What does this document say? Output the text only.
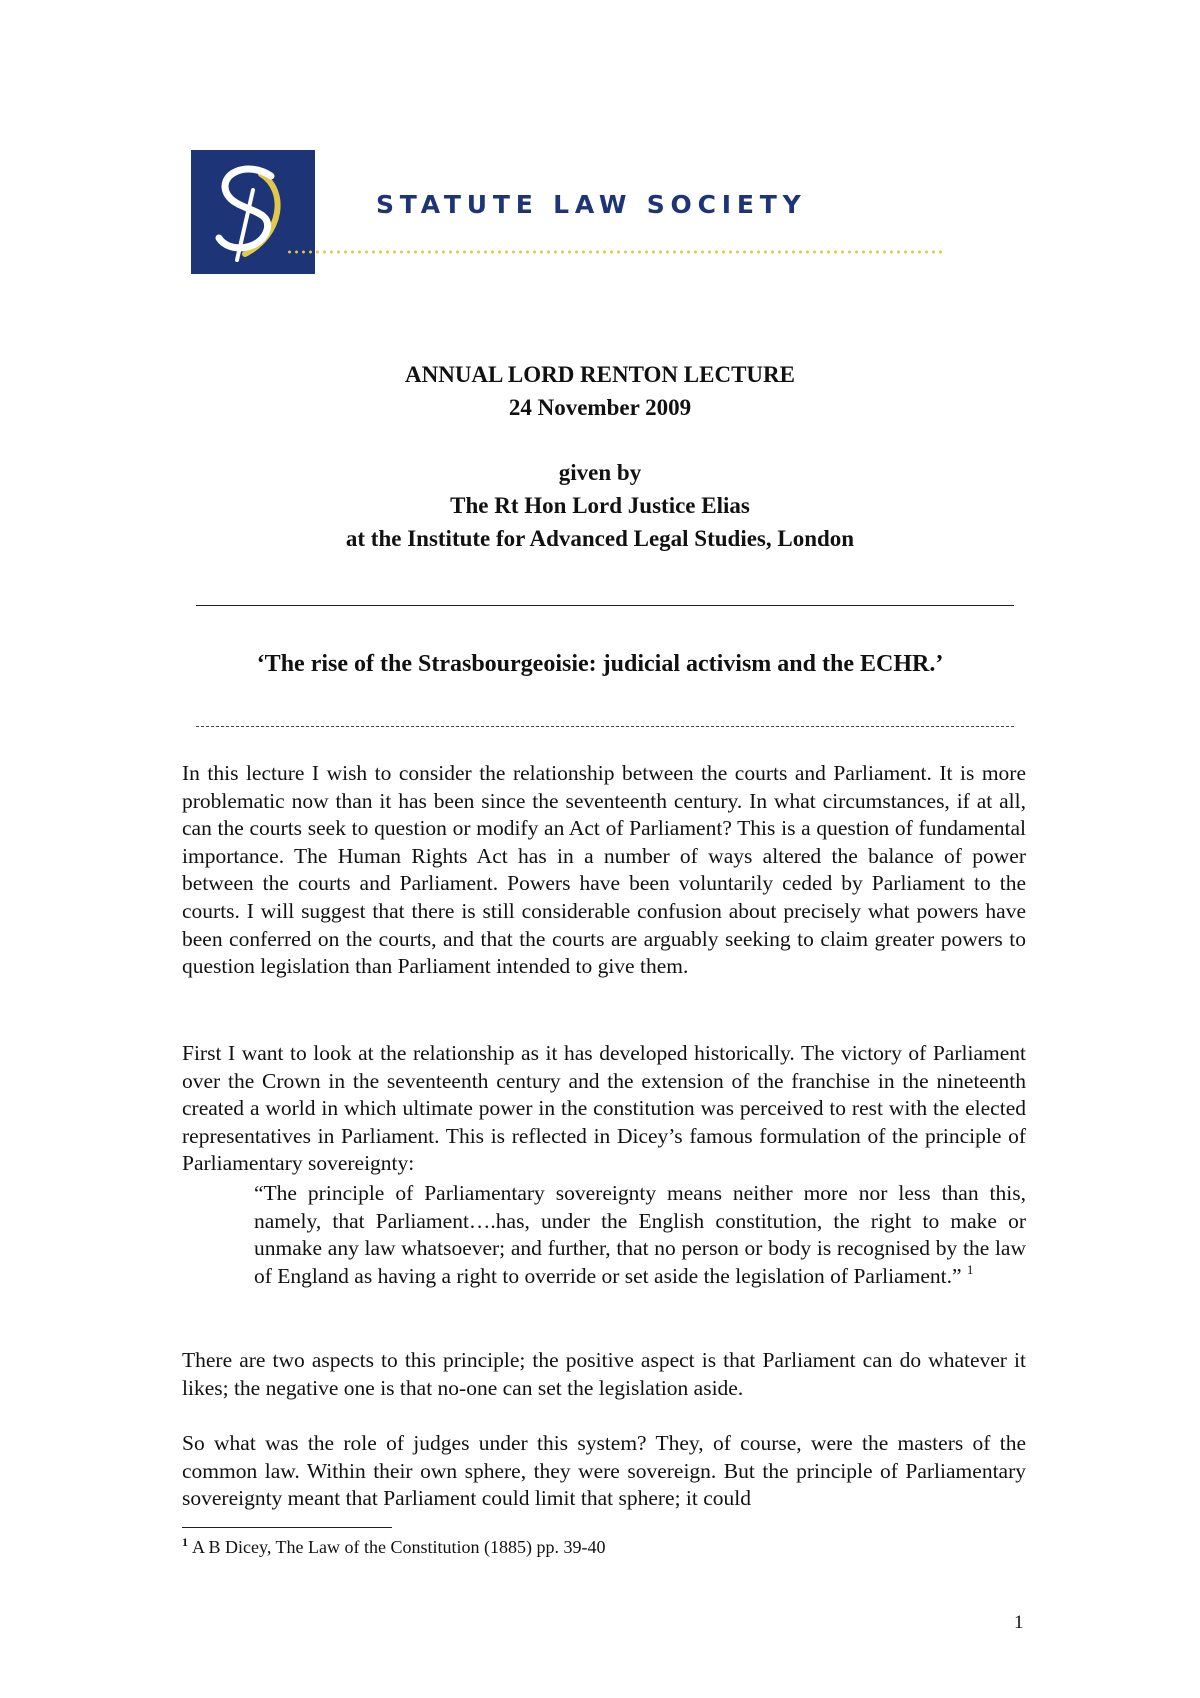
STATUTE LAW SOCIETY
ANNUAL LORD RENTON LECTURE
24 November 2009
given by
The Rt Hon Lord Justice Elias
at the Institute for Advanced Legal Studies, London
‘The rise of the Strasbourgeoisie: judicial activism and the ECHR.’

In this lecture I wish to consider the relationship between the courts and Parliament. It is more problematic now than it has been since the seventeenth century. In what circumstances, if at all, can the courts seek to question or modify an Act of Parliament? This is a question of fundamental importance. The Human Rights Act has in a number of ways altered the balance of power between the courts and Parliament. Powers have been voluntarily ceded by Parliament to the courts. I will suggest that there is still considerable confusion about precisely what powers have been conferred on the courts, and that the courts are arguably seeking to claim greater powers to question legislation than Parliament intended to give them.

First I want to look at the relationship as it has developed historically. The victory of Parliament over the Crown in the seventeenth century and the extension of the franchise in the nineteenth created a world in which ultimate power in the constitution was perceived to rest with the elected representatives in Parliament. This is reflected in Dicey’s famous formulation of the principle of Parliamentary sovereignty:

“The principle of Parliamentary sovereignty means neither more nor less than this, namely, that Parliament….has, under the English constitution, the right to make or unmake any law whatsoever; and further, that no person or body is recognised by the law of England as having a right to override or set aside the legislation of Parliament.” $^1$

There are two aspects to this principle; the positive aspect is that Parliament can do whatever it likes; the negative one is that no-one can set the legislation aside.

So what was the role of judges under this system? They, of course, were the masters of the common law. Within their own sphere, they were sovereign. But the principle of Parliamentary sovereignty meant that Parliament could limit that sphere; it could

$^1$ A B Dicey, The Law of the Constitution (1885) pp. 39-40
1
